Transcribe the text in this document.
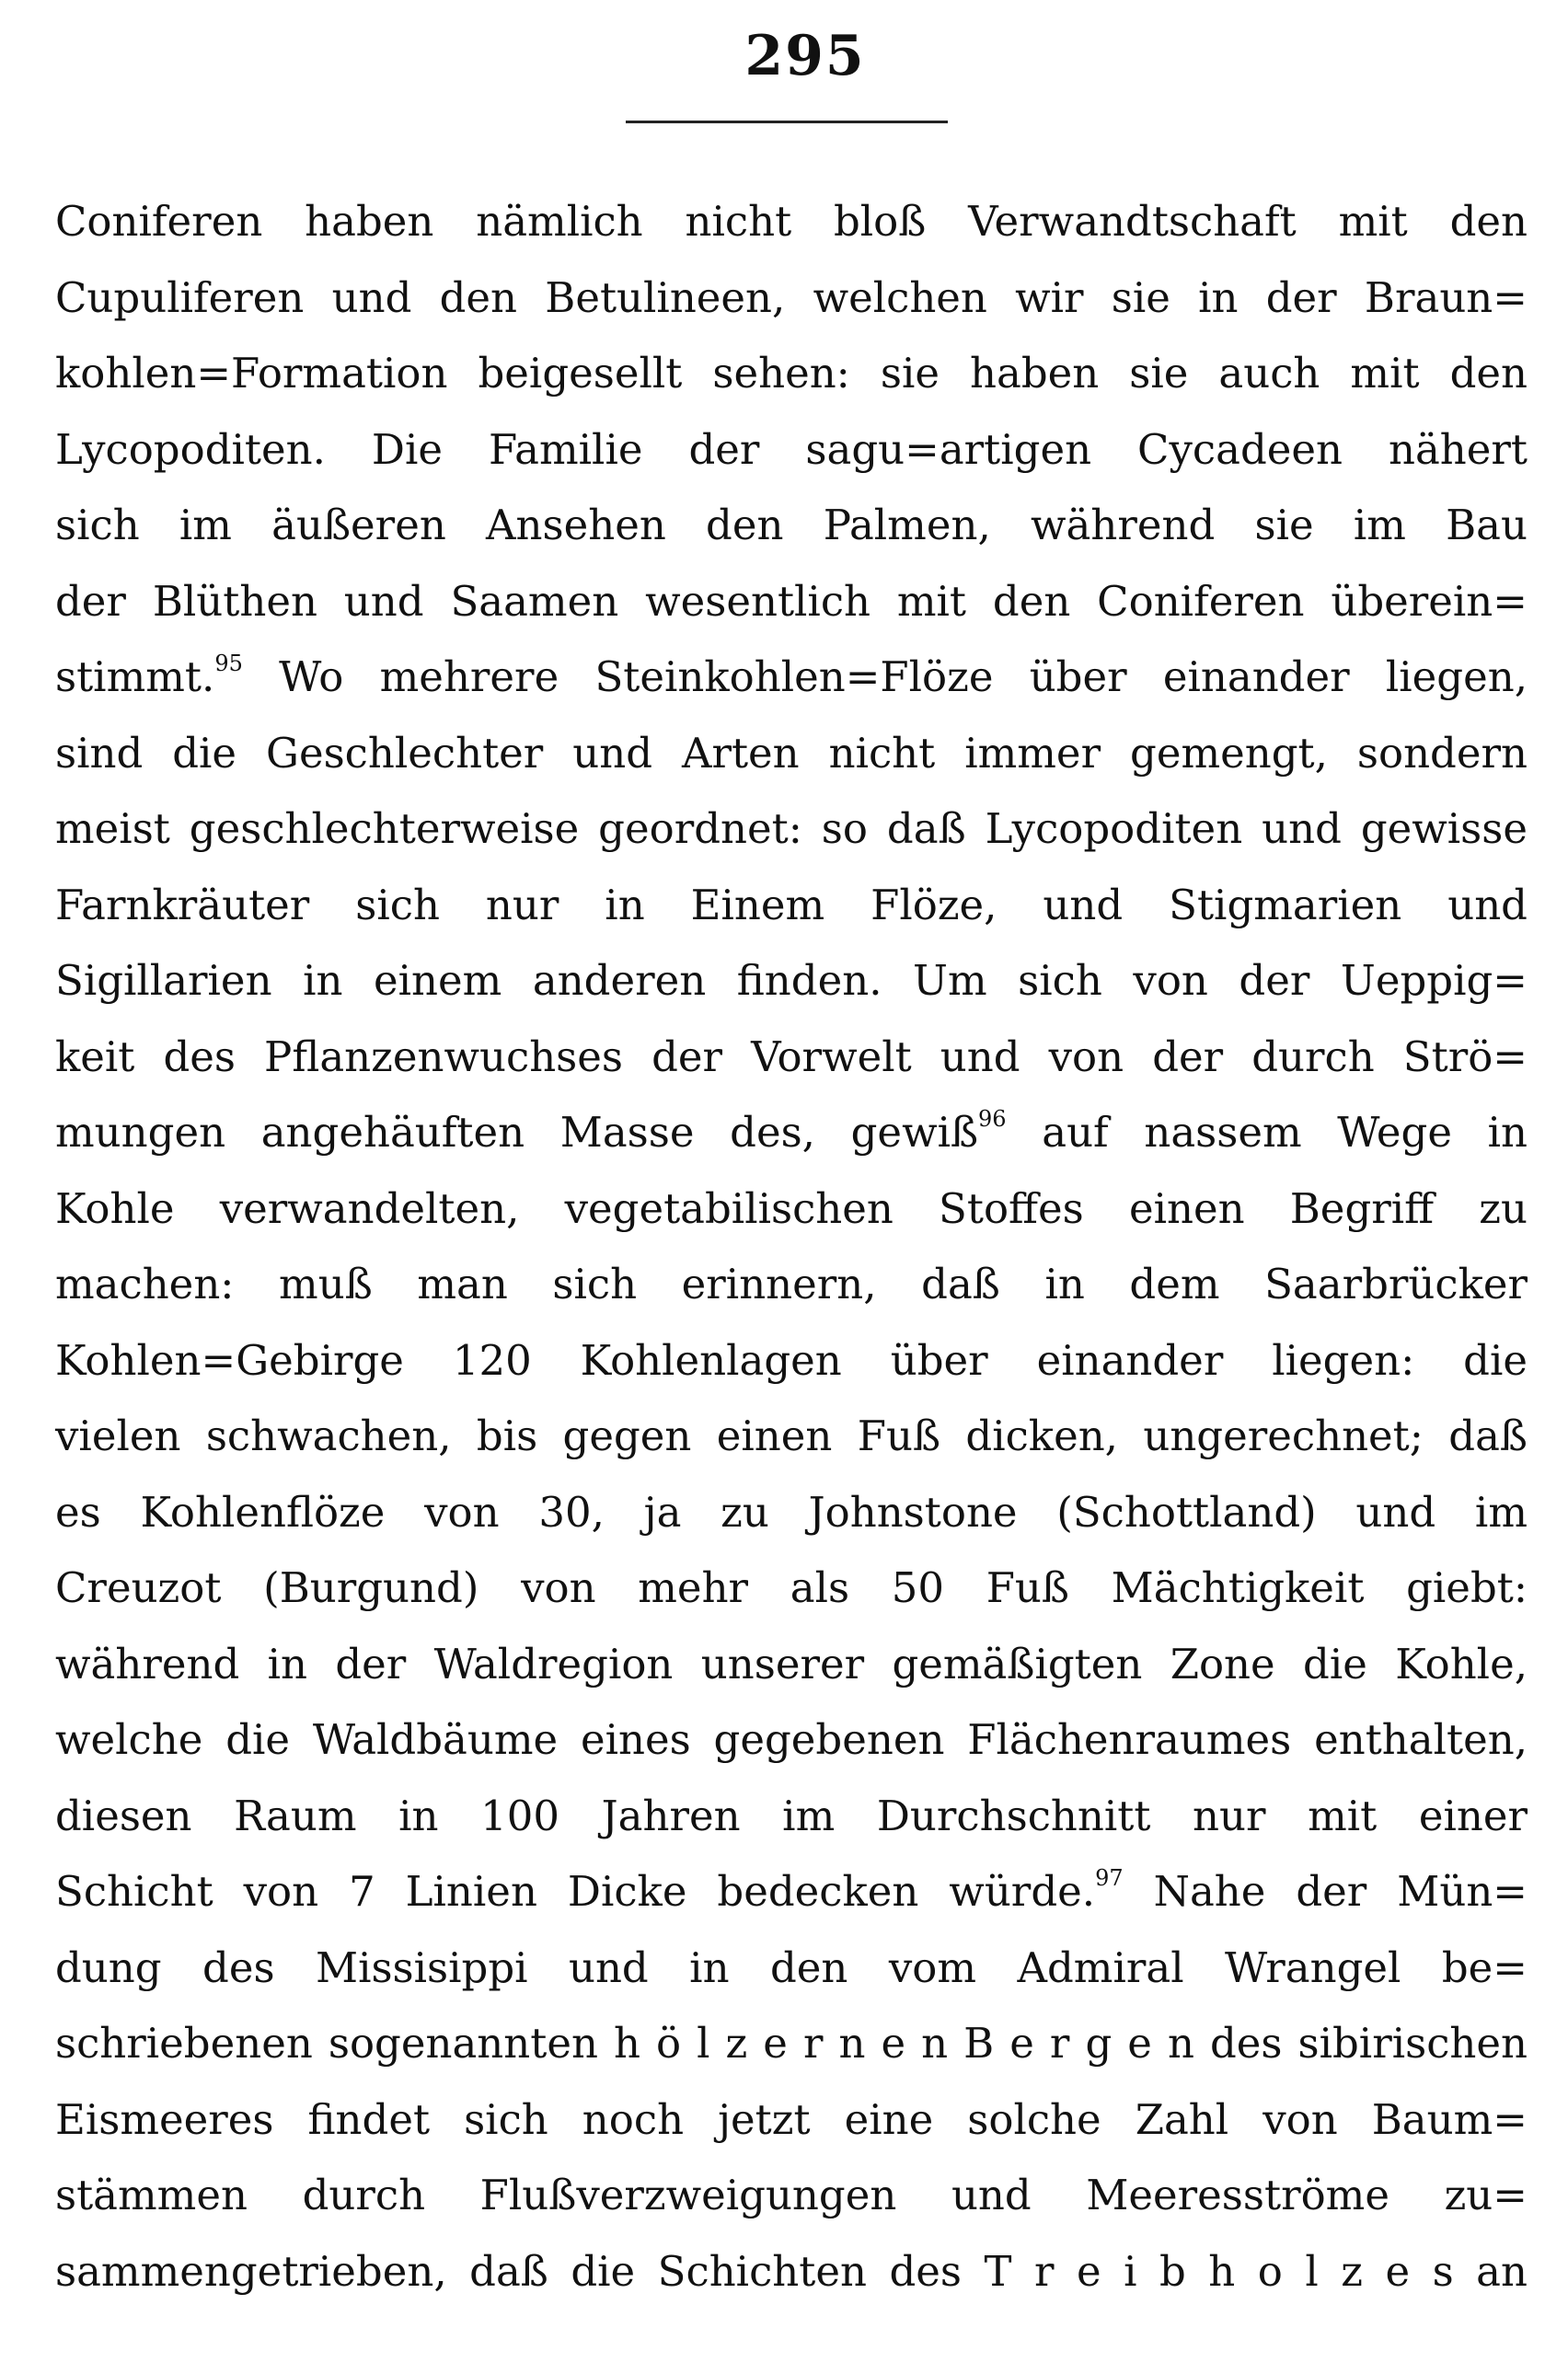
295
Coniferen haben nämlich nicht bloß Verwandtschaft mit den
Cupuliferen und den Betulineen, welchen wir sie in der Braun=
kohlen=Formation beigesellt sehen: sie haben sie auch mit den
Lycopoditen. Die Familie der sagu=artigen Cycadeen nähert
sich im äußeren Ansehen den Palmen, während sie im Bau
der Blüthen und Saamen wesentlich mit den Coniferen überein=
stimmt.$^{95}$ Wo mehrere Steinkohlen=Flöze über einander liegen,
sind die Geschlechter und Arten nicht immer gemengt, sondern
meist geschlechterweise geordnet: so daß Lycopoditen und gewisse
Farnkräuter sich nur in Einem Flöze, und Stigmarien und
Sigillarien in einem anderen finden. Um sich von der Ueppig=
keit des Pflanzenwuchses der Vorwelt und von der durch Strö=
mungen angehäuften Masse des, gewiß$^{96}$ auf nassem Wege in
Kohle verwandelten, vegetabilischen Stoffes einen Begriff zu
machen: muß man sich erinnern, daß in dem Saarbrücker
Kohlen=Gebirge 120 Kohlenlagen über einander liegen: die
vielen schwachen, bis gegen einen Fuß dicken, ungerechnet; daß
es Kohlenflöze von 30, ja zu Johnstone (Schottland) und im
Creuzot (Burgund) von mehr als 50 Fuß Mächtigkeit giebt:
während in der Waldregion unserer gemäßigten Zone die Kohle,
welche die Waldbäume eines gegebenen Flächenraumes enthalten,
diesen Raum in 100 Jahren im Durchschnitt nur mit einer
Schicht von 7 Linien Dicke bedecken würde.$^{97}$ Nahe der Mün=
dung des Missisippi und in den vom Admiral Wrangel be=
schriebenen sogenannten h ö l z e r n e n B e r g e n des sibirischen
Eismeeres findet sich noch jetzt eine solche Zahl von Baum=
stämmen durch Flußverzweigungen und Meeresströme zu=
sammengetrieben, daß die Schichten des T r e i b h o l z e s an
